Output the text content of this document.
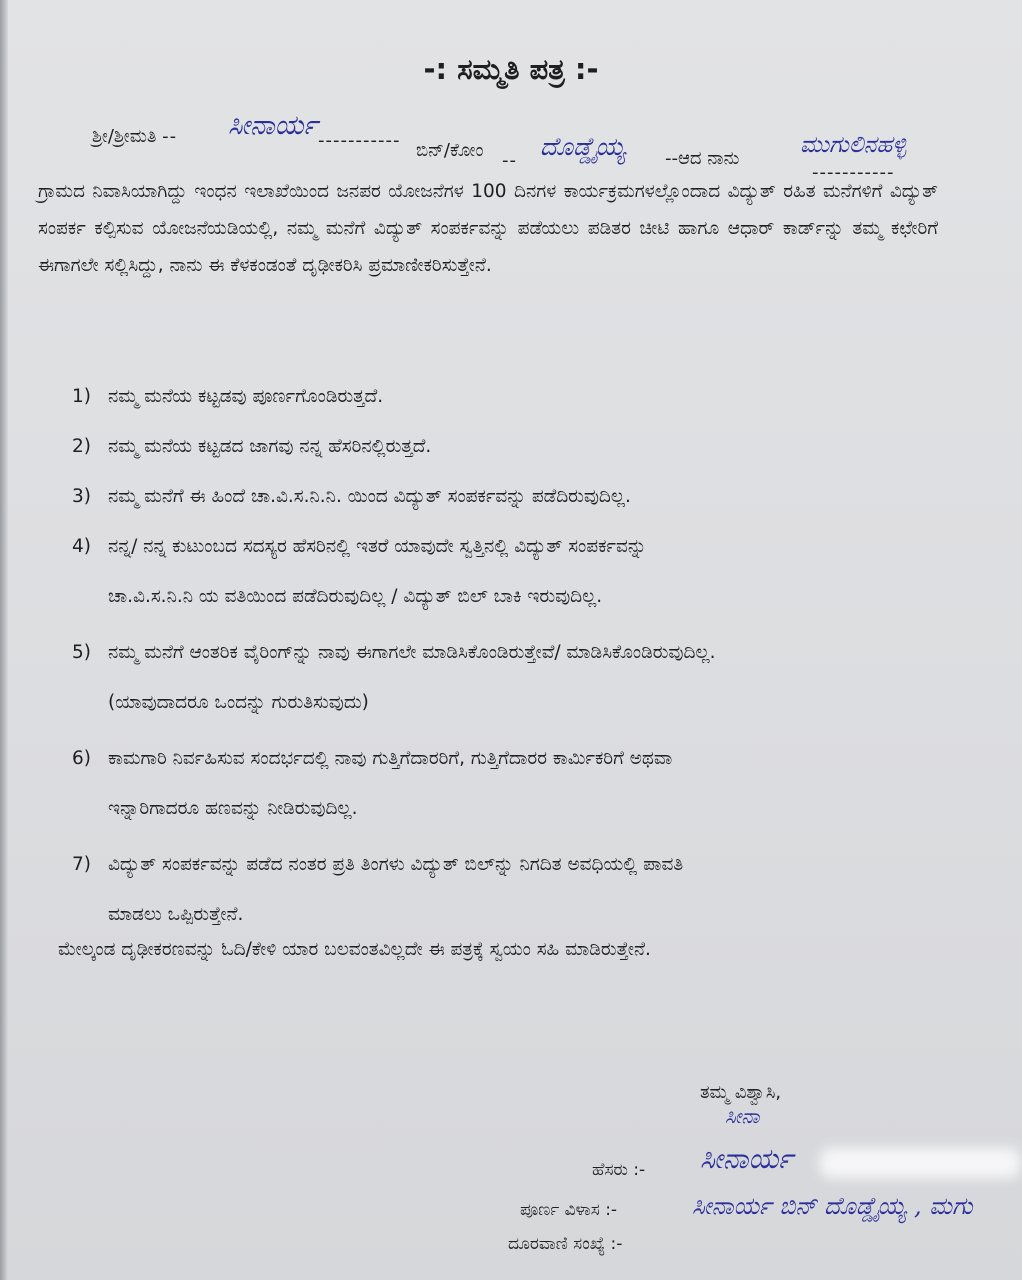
-: ಸಮ್ಮತಿ ಪತ್ರ :-
ಶ್ರೀ/ಶ್ರೀಮತಿ -- ಸೀನಾರ್ಯ ----------- ಬಿನ್/ಕೋಂ -- ದೊಡ್ಡೈಯ್ಯ --ಆದ ನಾನು
-----------
ಮುಗುಲಿನಹಳ್ಳಿ
ಗ್ರಾಮದ ನಿವಾಸಿಯಾಗಿದ್ದು ಇಂಧನ ಇಲಾಖೆಯಿಂದ ಜನಪರ ಯೋಜನೆಗಳ 100 ದಿನಗಳ ಕಾರ್ಯಕ್ರಮಗಳಲ್ಲೊಂದಾದ ವಿದ್ಯುತ್ ರಹಿತ ಮನೆಗಳಿಗೆ ವಿದ್ಯುತ್ ಸಂಪರ್ಕ ಕಲ್ಪಿಸುವ ಯೋಜನೆಯಡಿಯಲ್ಲಿ, ನಮ್ಮ ಮನೆಗೆ ವಿದ್ಯುತ್ ಸಂಪರ್ಕವನ್ನು ಪಡೆಯಲು ಪಡಿತರ ಚೀಟಿ ಹಾಗೂ ಆಧಾರ್ ಕಾರ್ಡ್‌ನ್ನು ತಮ್ಮ ಕಛೇರಿಗೆ ಈಗಾಗಲೇ ಸಲ್ಲಿಸಿದ್ದು, ನಾನು ಈ ಕೆಳಕಂಡಂತೆ ದೃಢೀಕರಿಸಿ ಪ್ರಮಾಣೀಕರಿಸುತ್ತೇನೆ.
1) ನಮ್ಮ ಮನೆಯ ಕಟ್ಟಡವು ಪೂರ್ಣಗೊಂಡಿರುತ್ತದೆ.
2) ನಮ್ಮ ಮನೆಯ ಕಟ್ಟಡದ ಜಾಗವು ನನ್ನ ಹೆಸರಿನಲ್ಲಿರುತ್ತದೆ.
3) ನಮ್ಮ ಮನೆಗೆ ಈ ಹಿಂದೆ ಚಾ.ವಿ.ಸ.ನಿ.ನಿ. ಯಿಂದ ವಿದ್ಯುತ್ ಸಂಪರ್ಕವನ್ನು ಪಡೆದಿರುವುದಿಲ್ಲ.
4) ನನ್ನ/ ನನ್ನ ಕುಟುಂಬದ ಸದಸ್ಯರ ಹೆಸರಿನಲ್ಲಿ ಇತರೆ ಯಾವುದೇ ಸ್ವತ್ತಿನಲ್ಲಿ ವಿದ್ಯುತ್ ಸಂಪರ್ಕವನ್ನು
ಚಾ.ವಿ.ಸ.ನಿ.ನಿ ಯ ವತಿಯಿಂದ ಪಡೆದಿರುವುದಿಲ್ಲ / ವಿದ್ಯುತ್ ಬಿಲ್ ಬಾಕಿ ಇರುವುದಿಲ್ಲ.
5) ನಮ್ಮ ಮನೆಗೆ ಆಂತರಿಕ ವೈರಿಂಗ್‌ನ್ನು ನಾವು ಈಗಾಗಲೇ ಮಾಡಿಸಿಕೊಂಡಿರುತ್ತೇವೆ/ ಮಾಡಿಸಿಕೊಂಡಿರುವುದಿಲ್ಲ.
(ಯಾವುದಾದರೂ ಒಂದನ್ನು ಗುರುತಿಸುವುದು)
6) ಕಾಮಗಾರಿ ನಿರ್ವಹಿಸುವ ಸಂದರ್ಭದಲ್ಲಿ ನಾವು ಗುತ್ತಿಗೆದಾರರಿಗೆ, ಗುತ್ತಿಗೆದಾರರ ಕಾರ್ಮಿಕರಿಗೆ ಅಥವಾ
ಇನ್ನಾರಿಗಾದರೂ ಹಣವನ್ನು ನೀಡಿರುವುದಿಲ್ಲ.
7) ವಿದ್ಯುತ್ ಸಂಪರ್ಕವನ್ನು ಪಡೆದ ನಂತರ ಪ್ರತಿ ತಿಂಗಳು ವಿದ್ಯುತ್ ಬಿಲ್‌ನ್ನು ನಿಗದಿತ ಅವಧಿಯಲ್ಲಿ ಪಾವತಿ
ಮಾಡಲು ಒಪ್ಪಿರುತ್ತೇನೆ.
ಮೇಲ್ಕಂಡ ದೃಢೀಕರಣವನ್ನು ಓದಿ/ಕೇಳಿ ಯಾರ ಬಲವಂತವಿಲ್ಲದೇ ಈ ಪತ್ರಕ್ಕೆ ಸ್ವಯಂ ಸಹಿ ಮಾಡಿರುತ್ತೇನೆ.
ತಮ್ಮ ವಿಶ್ವಾಸಿ,
ಸೀನಾ
ಹೆಸರು :- ಸೀನಾರ್ಯ
ಪೂರ್ಣ ವಿಳಾಸ :-	ಸೀನಾರ್ಯ ಬಿನ್ ದೊಡ್ಡೈಯ್ಯ , ಮಗು
ದೂರವಾಣಿ ಸಂಖ್ಯೆ :-
